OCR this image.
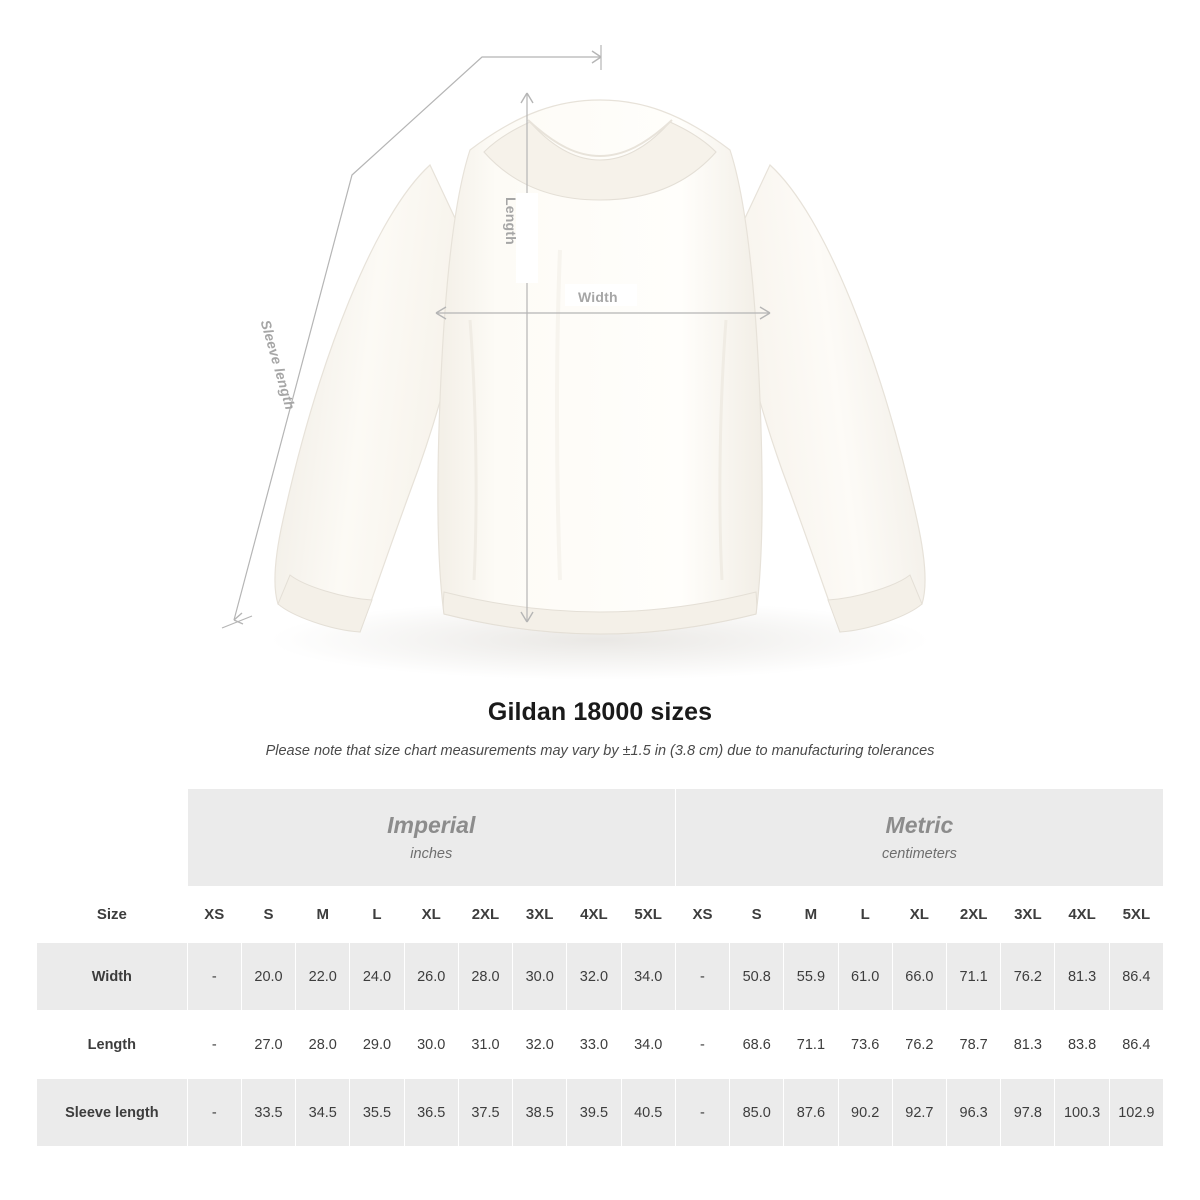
Width
Length
Sleeve length
Gildan 18000 sizes

Please note that size chart measurements may vary by ±1.5 in (3.8 cm) due to manufacturing tolerances

	Imperial
inches									Metric
centimeters								

Size	XS	S	M	L	XL	2XL	3XL	4XL	5XL	XS	S	M	L	XL	2XL	3XL	4XL	5XL
Width	-	20.0	22.0	24.0	26.0	28.0	30.0	32.0	34.0	-	50.8	55.9	61.0	66.0	71.1	76.2	81.3	86.4
Length	-	27.0	28.0	29.0	30.0	31.0	32.0	33.0	34.0	-	68.6	71.1	73.6	76.2	78.7	81.3	83.8	86.4
Sleeve length	-	33.5	34.5	35.5	36.5	37.5	38.5	39.5	40.5	-	85.0	87.6	90.2	92.7	96.3	97.8	100.3	102.9
